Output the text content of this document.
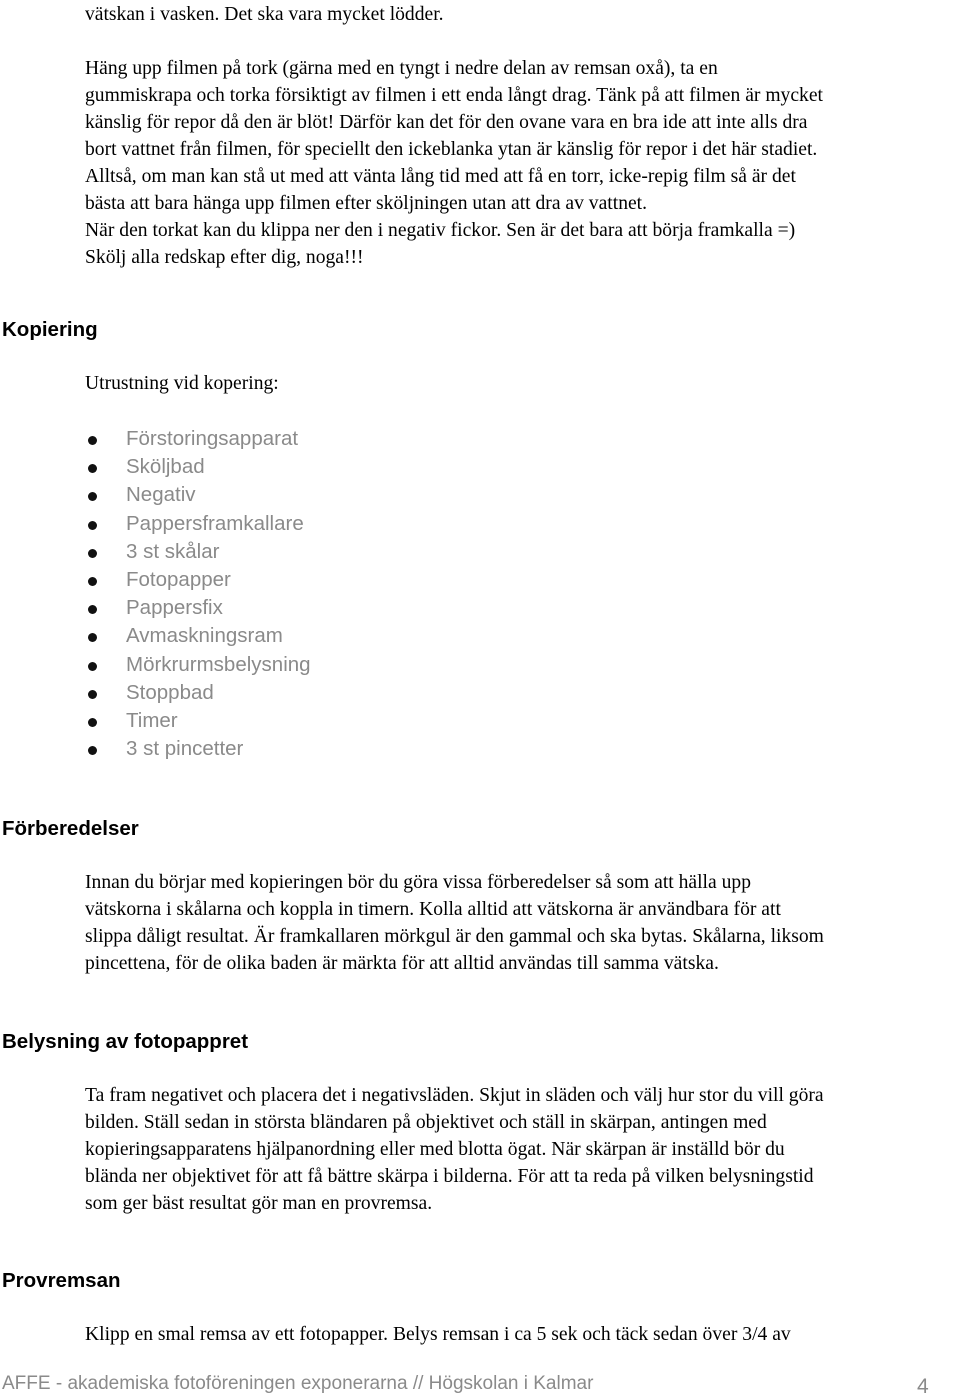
vätskan i vasken. Det ska vara mycket lödder.
Häng upp filmen på tork (gärna med en tyngt i nedre delan av remsan oxå), ta en
gummiskrapa och torka försiktigt av filmen i ett enda långt drag. Tänk på att filmen är mycket
känslig för repor då den är blöt! Därför kan det för den ovane vara en bra ide att inte alls dra
bort vattnet från filmen, för speciellt den ickeblanka ytan är känslig för repor i det här stadiet.
Alltså, om man kan stå ut med att vänta lång tid med att få en torr, icke-repig film så är det
bästa att bara hänga upp filmen efter sköljningen utan att dra av vattnet.
När den torkat kan du klippa ner den i negativ fickor. Sen är det bara att börja framkalla =)
Skölj alla redskap efter dig, noga!!!
Kopiering
Utrustning vid kopering:
Förstoringsapparat
Sköljbad
Negativ
Pappersframkallare
3 st skålar
Fotopapper
Pappersfix
Avmaskningsram
Mörkrurmsbelysning
Stoppbad
Timer
3 st pincetter
Förberedelser
Innan du börjar med kopieringen bör du göra vissa förberedelser så som att hälla upp
vätskorna i skålarna och koppla in timern. Kolla alltid att vätskorna är användbara för att
slippa dåligt resultat. Är framkallaren mörkgul är den gammal och ska bytas. Skålarna, liksom
pincettena, för de olika baden är märkta för att alltid användas till samma vätska.
Belysning av fotopappret
Ta fram negativet och placera det i negativsläden. Skjut in släden och välj hur stor du vill göra
bilden. Ställ sedan in största bländaren på objektivet och ställ in skärpan, antingen med
kopieringsapparatens hjälpanordning eller med blotta ögat. När skärpan är inställd bör du
blända ner objektivet för att få bättre skärpa i bilderna. För att ta reda på vilken belysningstid
som ger bäst resultat gör man en provremsa.
Provremsan
Klipp en smal remsa av ett fotopapper. Belys remsan i ca 5 sek och täck sedan över 3/4 av
AFFE - akademiska fotoföreningen exponerarna // Högskolan i Kalmar	4
